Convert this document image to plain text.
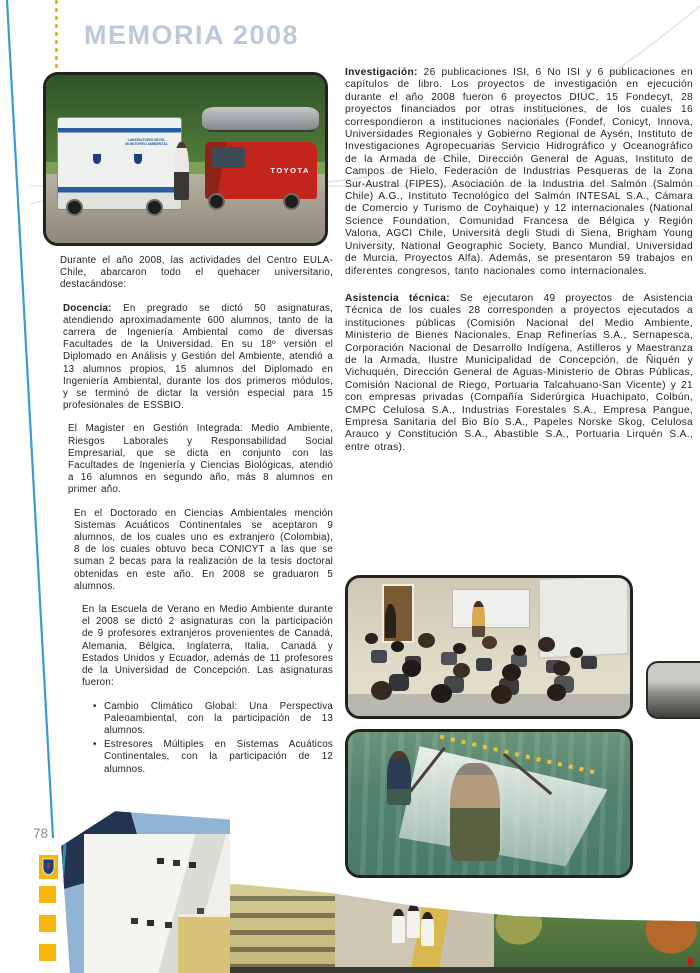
MEMORIA 2008
LABORATORIO MOVIL MONITOREO AMBIENTAL
TOYOTA

Durante el año 2008, las actividades del Centro EULA-Chile, abarcaron todo el quehacer universitario, destacándose:

Docencia: En pregrado se dictó 50 asignaturas, atendiendo aproximadamente 600 alumnos, tanto de la carrera de Ingeniería Ambiental como de diversas Facultades de la Universidad. En su 18º versión el Diplomado en Análisis y Gestión del Ambiente, atendió a 13 alumnos propios, 15 alumnos del Diplomado en Ingeniería Ambiental, durante los dos primeros módulos, y se terminó de dictar la versión especial para 15 profesionales de ESSBIO.

El Magister en Gestión Integrada: Medio Ambiente, Riesgos Laborales y Responsabilidad Social Empresarial, que se dicta en conjunto con las Facultades de Ingeniería y Ciencias Biológicas, atendió a 16 alumnos en segundo año, más 8 alumnos en primer año.

En el Doctorado en Ciencias Ambientales mención Sistemas Acuáticos Continentales se aceptaron 9 alumnos, de los cuales uno es extranjero (Colombia), 8 de los cuales obtuvo beca CONICYT a las que se suman 2 becas para la realización de la tesis doctoral obtenidas en este año. En 2008 se graduaron 5 alumnos.

En la Escuela de Verano en Medio Ambiente durante el 2008 se dictó 2 asignaturas con la participación de 9 profesores extranjeros provenientes de Canadá, Alemania, Bélgica, Inglaterra, Italia, Canadá y Estados Unidos y Ecuador, además de 11 profesores de la Universidad de Concepción. Las asignaturas fueron:

• Cambio Climático Global: Una Perspectiva Paleoambiental, con la participación de 13 alumnos.
• Estresores Múltiples en Sistemas Acuáticos Continentales, con la participación de 12 alumnos.

Investigación: 26 publicaciones ISI, 6 No ISI y 6 publicaciones en capítulos de libro. Los proyectos de investigación en ejecución durante el año 2008 fueron 6 proyectos DIUC, 15 Fondecyt, 28 proyectos financiados por otras instituciones, de los cuales 16 correspondieron a instituciones nacionales (Fondef, Conicyt, Innova, Universidades Regionales y Gobierno Regional de Aysén, Instituto de Investigaciones Agropecuarias Servicio Hidrográfico y Oceanográfico de la Armada de Chile, Dirección General de Aguas, Instituto de Campos de Hielo, Federación de Industrias Pesqueras de la Zona Sur-Austral (FIPES), Asociación de la Industria del Salmón (Salmón Chile) A.G., Instituto Tecnológico del Salmón INTESAL S.A., Cámara de Comercio y Turismo de Coyhaique) y 12 internacionales (National Science Foundation, Comunidad Francesa de Bélgica y Región Valona, AGCI Chile, Universitá degli Studi di Siena, Brigham Young University, National Geographic Society, Banco Mundial, Universidad de Murcia, Proyectos Alfa). Además, se presentaron 59 trabajos en diferentes congresos, tanto nacionales como internacionales.

Asistencia técnica: Se ejecutaron 49 proyectos de Asistencia Técnica de los cuales 28 corresponden a proyectos ejecutados a instituciones públicas (Comisión Nacional del Medio Ambiente, Ministerio de Bienes Nacionales, Enap Refinerías S.A., Sernapesca, Corporación Nacional de Desarrollo Indígena, Astilleros y Maestranza de la Armada, Ilustre Municipalidad de Concepción, de Ñiquén y Vichuquén, Dirección General de Aguas-Ministerio de Obras Públicas, Comisión Nacional de Riego, Portuaria Talcahuano-San Vicente) y 21 con empresas privadas (Compañía Siderúrgica Huachipato, Colbún, CMPC Celulosa S.A., Industrias Forestales S.A., Empresa Pangue, Empresa Sanitaria del Bio Bío S.A., Papeles Norske Skog, Celulosa Arauco y Constitución S.A., Abastible S.A., Portuaria Lirquén S.A., entre otras).

78
